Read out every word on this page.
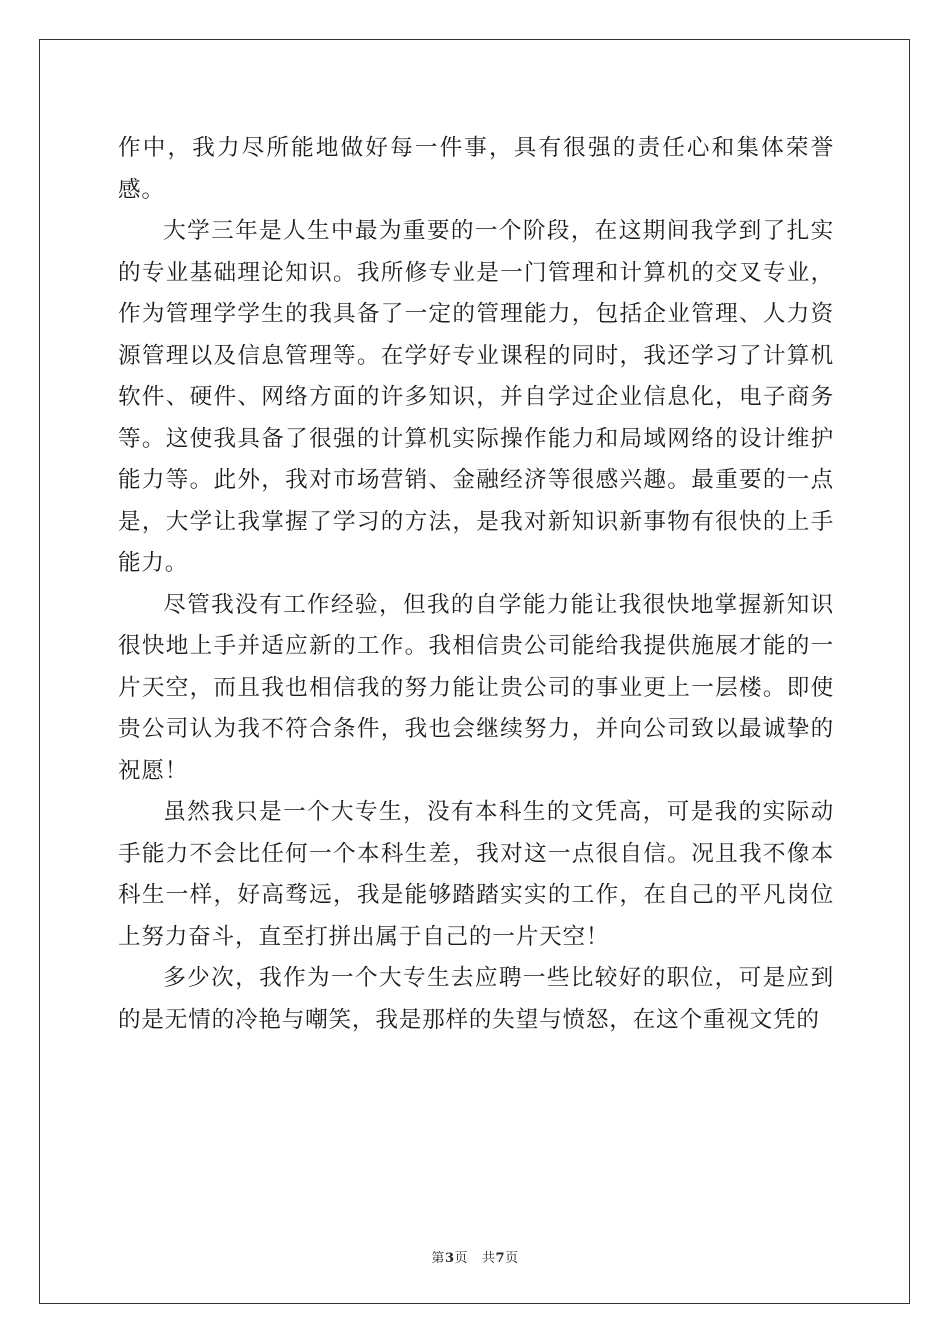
作中，我力尽所能地做好每一件事，具有很强的责任心和集体荣誉感。

大学三年是人生中最为重要的一个阶段，在这期间我学到了扎实的专业基础理论知识。我所修专业是一门管理和计算机的交叉专业，作为管理学学生的我具备了一定的管理能力，包括企业管理、人力资源管理以及信息管理等。在学好专业课程的同时，我还学习了计算机软件、硬件、网络方面的许多知识，并自学过企业信息化，电子商务等。这使我具备了很强的计算机实际操作能力和局域网络的设计维护能力等。此外，我对市场营销、金融经济等很感兴趣。最重要的一点是，大学让我掌握了学习的方法，是我对新知识新事物有很快的上手能力。

尽管我没有工作经验，但我的自学能力能让我很快地掌握新知识很快地上手并适应新的工作。我相信贵公司能给我提供施展才能的一片天空，而且我也相信我的努力能让贵公司的事业更上一层楼。即使贵公司认为我不符合条件，我也会继续努力，并向公司致以最诚挚的祝愿！

虽然我只是一个大专生，没有本科生的文凭高，可是我的实际动手能力不会比任何一个本科生差，我对这一点很自信。况且我不像本科生一样，好高骛远，我是能够踏踏实实的工作，在自己的平凡岗位上努力奋斗，直至打拼出属于自己的一片天空！

多少次，我作为一个大专生去应聘一些比较好的职位，可是应到的是无情的冷艳与嘲笑，我是那样的失望与愤怒，在这个重视文凭的

第3页 共7页
